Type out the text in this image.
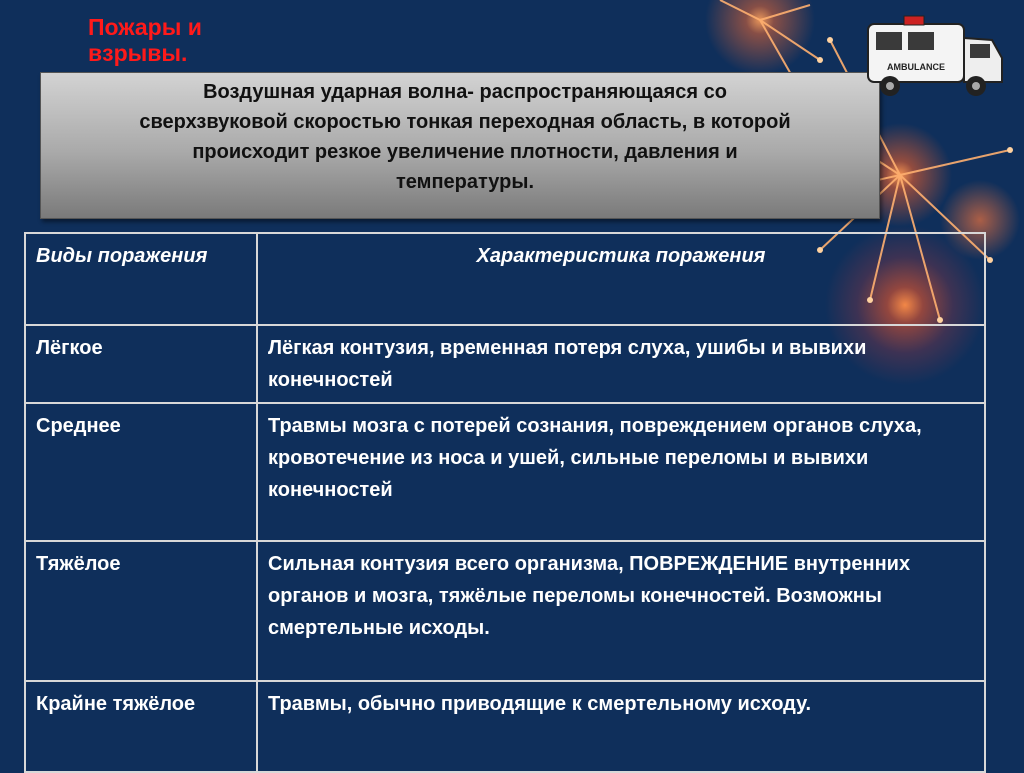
Пожары и взрывы.
Воздушная ударная волна- распространяющаяся со сверхзвуковой скоростью тонкая переходная область, в которой происходит резкое увеличение плотности, давления и температуры.
AMBULANCE
Виды поражения	Характеристика поражения
Лёгкое	Лёгкая контузия, временная потеря слуха, ушибы и вывихи конечностей
Среднее	Травмы мозга с потерей сознания, повреждением органов слуха, кровотечение из носа и ушей, сильные переломы и вывихи конечностей
Тяжёлое	Сильная контузия всего организма, ПОВРЕЖДЕНИЕ внутренних органов и мозга, тяжёлые переломы конечностей. Возможны смертельные исходы.
Крайне тяжёлое	Травмы, обычно приводящие к смертельному исходу.
